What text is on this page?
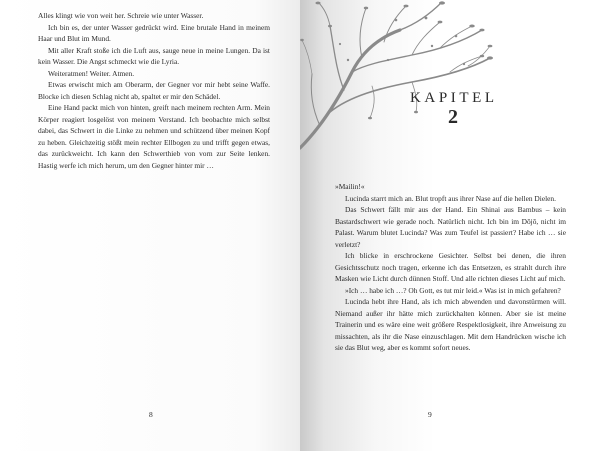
Alles klingt wie von weit her. Schreie wie unter Wasser.

Ich bin es, der unter Wasser gedrückt wird. Eine brutale Hand in meinem Haar und Blut im Mund.

Mit aller Kraft stoße ich die Luft aus, sauge neue in meine Lungen. Da ist kein Wasser. Die Angst schmeckt wie die Lyria.

Weiteratmen! Weiter. Atmen.

Etwas erwischt mich am Oberarm, der Gegner vor mir hebt seine Waffe. Blocke ich diesen Schlag nicht ab, spaltet er mir den Schädel.

Eine Hand packt mich von hinten, greift nach meinem rechten Arm. Mein Körper reagiert losgelöst von meinem Verstand. Ich beobachte mich selbst dabei, das Schwert in die Linke zu nehmen und schützend über meinen Kopf zu heben. Gleichzeitig stößt mein rechter Ellbogen zu und trifft gegen etwas, das zurückweicht. Ich kann den Schwerthieb von vorn zur Seite lenken. Hastig werfe ich mich herum, um den Gegner hinter mir …

8
KAPITEL
2

»Mailin!«

Lucinda starrt mich an. Blut tropft aus ihrer Nase auf die hellen Dielen.

Das Schwert fällt mir aus der Hand. Ein Shinai aus Bambus – kein Bastardschwert wie gerade noch. Natürlich nicht. Ich bin im Dōjō, nicht im Palast. Warum blutet Lucinda? Was zum Teufel ist passiert? Habe ich … sie verletzt?

Ich blicke in erschrockene Gesichter. Selbst bei denen, die ihren Gesichtsschutz noch tragen, erkenne ich das Entsetzen, es strahlt durch ihre Masken wie Licht durch dünnen Stoff. Und alle richten dieses Licht auf mich.

»Ich … habe ich …? Oh Gott, es tut mir leid.« Was ist in mich gefahren?

Lucinda hebt ihre Hand, als ich mich abwenden und davonstürmen will. Niemand außer ihr hätte mich zurückhalten können. Aber sie ist meine Trainerin und es wäre eine weit größere Respektlosigkeit, ihre Anweisung zu missachten, als ihr die Nase einzuschlagen. Mit dem Handrücken wische ich sie das Blut weg, aber es kommt sofort neues.

9
